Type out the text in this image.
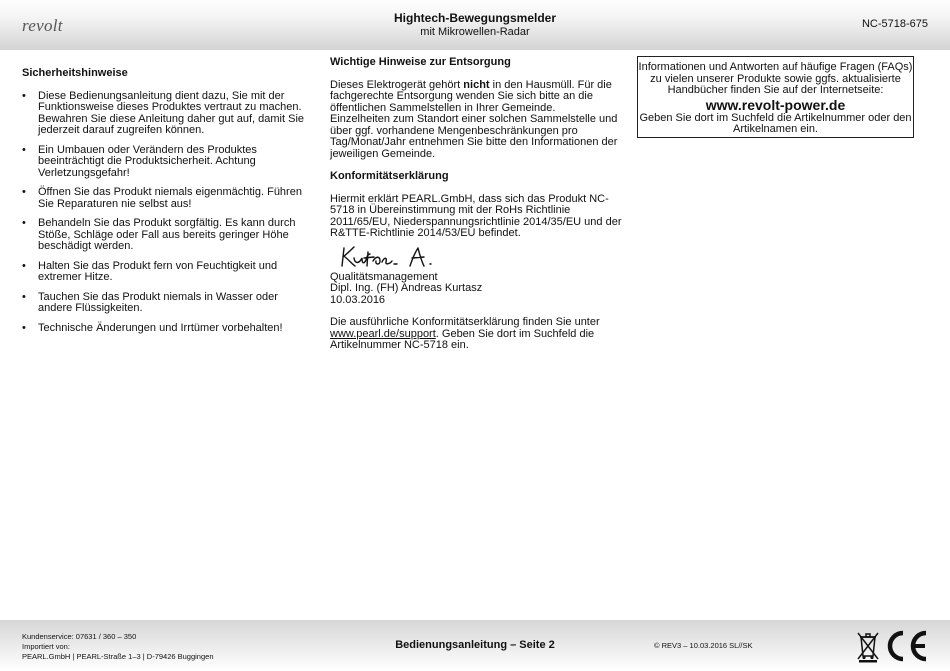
revolt	Hightech-Bewegungsmelder
mit Mikrowellen-Radar
NC-5718-675
Sicherheitshinweise
• Diese Bedienungsanleitung dient dazu, Sie mit der Funktionsweise dieses Produktes vertraut zu machen. Bewahren Sie diese Anleitung daher gut auf, damit Sie jederzeit darauf zugreifen können.
• Ein Umbauen oder Verändern des Produktes beeinträchtigt die Produktsicherheit. Achtung Verletzungsgefahr!
• Öffnen Sie das Produkt niemals eigenmächtig. Führen Sie Reparaturen nie selbst aus!
• Behandeln Sie das Produkt sorgfältig. Es kann durch Stöße, Schläge oder Fall aus bereits geringer Höhe beschädigt werden.
• Halten Sie das Produkt fern von Feuchtigkeit und extremer Hitze.
• Tauchen Sie das Produkt niemals in Wasser oder andere Flüssigkeiten.
• Technische Änderungen und Irrtümer vorbehalten!
Wichtige Hinweise zur Entsorgung

Dieses Elektrogerät gehört nicht in den Hausmüll. Für die fachgerechte Entsorgung wenden Sie sich bitte an die öffentlichen Sammelstellen in Ihrer Gemeinde.

Einzelheiten zum Standort einer solchen Sammelstelle und über ggf. vorhandene Mengenbeschränkungen pro Tag/Monat/Jahr entnehmen Sie bitte den Informationen der jeweiligen Gemeinde.

Konformitätserklärung

Hiermit erklärt PEARL.GmbH, dass sich das Produkt NC-5718 in Übereinstimmung mit der RoHs Richtlinie 2011/65/EU, Niederspannungsrichtlinie 2014/35/EU und der R&TTE-Richtlinie 2014/53/EU befindet.

Qualitätsmanagement

Dipl. Ing. (FH) Andreas Kurtasz

10.03.2016

Die ausführliche Konformitätserklärung finden Sie unter www.pearl.de/support. Geben Sie dort im Suchfeld die Artikelnummer NC-5718 ein.

Informationen und Antworten auf häufige Fragen (FAQs) zu vielen unserer Produkte sowie ggfs. aktualisierte Handbücher finden Sie auf der Internetseite:

www.revolt-power.de

Geben Sie dort im Suchfeld die Artikelnummer oder den Artikelnamen ein.

Kundenservice: 07631 / 360 – 350
Importiert von:
PEARL.GmbH | PEARL-Straße 1–3 | D-79426 Buggingen
Bedienungsanleitung – Seite 2	© REV3 – 10.03.2016 SL//SK
